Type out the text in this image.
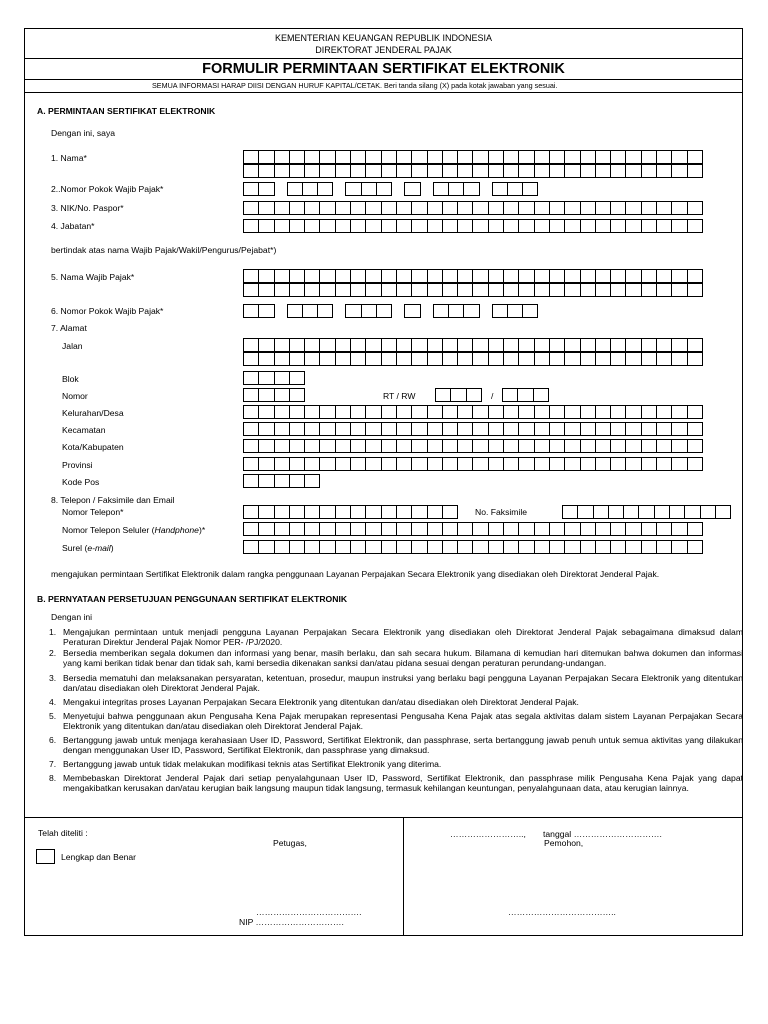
KEMENTERIAN KEUANGAN REPUBLIK INDONESIA
DIREKTORAT JENDERAL PAJAK
FORMULIR PERMINTAAN SERTIFIKAT ELEKTRONIK
SEMUA INFORMASI HARAP DIISI DENGAN HURUF KAPITAL/CETAK. Beri tanda silang (X) pada kotak jawaban yang sesuai.
A. PERMINTAAN SERTIFIKAT ELEKTRONIK
Dengan ini, saya
1. Nama*
2..Nomor Pokok Wajib Pajak*
3. NIK/No. Paspor*
4. Jabatan*
bertindak atas nama Wajib Pajak/Wakil/Pengurus/Pejabat*)
5. Nama Wajib Pajak*
6. Nomor Pokok Wajib Pajak*
7. Alamat
Jalan
Blok
Nomor	RT / RW	/
Kelurahan/Desa
Kecamatan
Kota/Kabupaten
Provinsi
Kode Pos
8. Telepon / Faksimile dan Email
Nomor Telepon*	No. Faksimile
Nomor Telepon Seluler (Handphone)*
Surel (e-mail)
mengajukan permintaan Sertifikat Elektronik dalam rangka penggunaan Layanan Perpajakan Secara Elektronik yang disediakan oleh Direktorat Jenderal Pajak.
B. PERNYATAAN PERSETUJUAN PENGGUNAAN SERTIFIKAT ELEKTRONIK
Dengan ini
1. Mengajukan permintaan untuk menjadi pengguna Layanan Perpajakan Secara Elektronik yang disediakan oleh Direktorat Jenderal Pajak sebagaimana dimaksud dalam Peraturan Direktur Jenderal Pajak Nomor PER- /PJ/2020.
2. Bersedia memberikan segala dokumen dan informasi yang benar, masih berlaku, dan sah secara hukum. Bilamana di kemudian hari ditemukan bahwa dokumen dan informasi yang kami berikan tidak benar dan tidak sah, kami bersedia dikenakan sanksi dan/atau pidana sesuai dengan peraturan perundang-undangan.
3. Bersedia mematuhi dan melaksanakan persyaratan, ketentuan, prosedur, maupun instruksi yang berlaku bagi pengguna Layanan Perpajakan Secara Elektronik yang ditentukan dan/atau disediakan oleh Direktorat Jenderal Pajak.
4. Mengakui integritas proses Layanan Perpajakan Secara Elektronik yang ditentukan dan/atau disediakan oleh Direktorat Jenderal Pajak.
5. Menyetujui bahwa penggunaan akun Pengusaha Kena Pajak merupakan representasi Pengusaha Kena Pajak atas segala aktivitas dalam sistem Layanan Perpajakan Secara Elektronik yang ditentukan dan/atau disediakan oleh Direktorat Jenderal Pajak.
6. Bertanggung jawab untuk menjaga kerahasiaan User ID, Password, Sertifikat Elektronik, dan passphrase, serta bertanggung jawab penuh untuk semua aktivitas yang dilakukan dengan menggunakan User ID, Password, Sertifikat Elektronik, dan passphrase yang dimaksud.
7. Bertanggung jawab untuk tidak melakukan modifikasi teknis atas Sertifikat Elektronik yang diterima.
8. Membebaskan Direktorat Jenderal Pajak dari setiap penyalahgunaan User ID, Password, Sertifikat Elektronik, dan passphrase milik Pengusaha Kena Pajak yang dapat mengakibatkan kerusakan dan/atau kerugian baik langsung maupun tidak langsung, termasuk kehilangan keuntungan, penyalahgunaan data, atau kerugian lainnya.
Telah diteliti :
Lengkap dan Benar
Petugas,
……………………………….
NIP ………………………….
…………………….., tanggal ………………………….
Pemohon,
………………………………..
